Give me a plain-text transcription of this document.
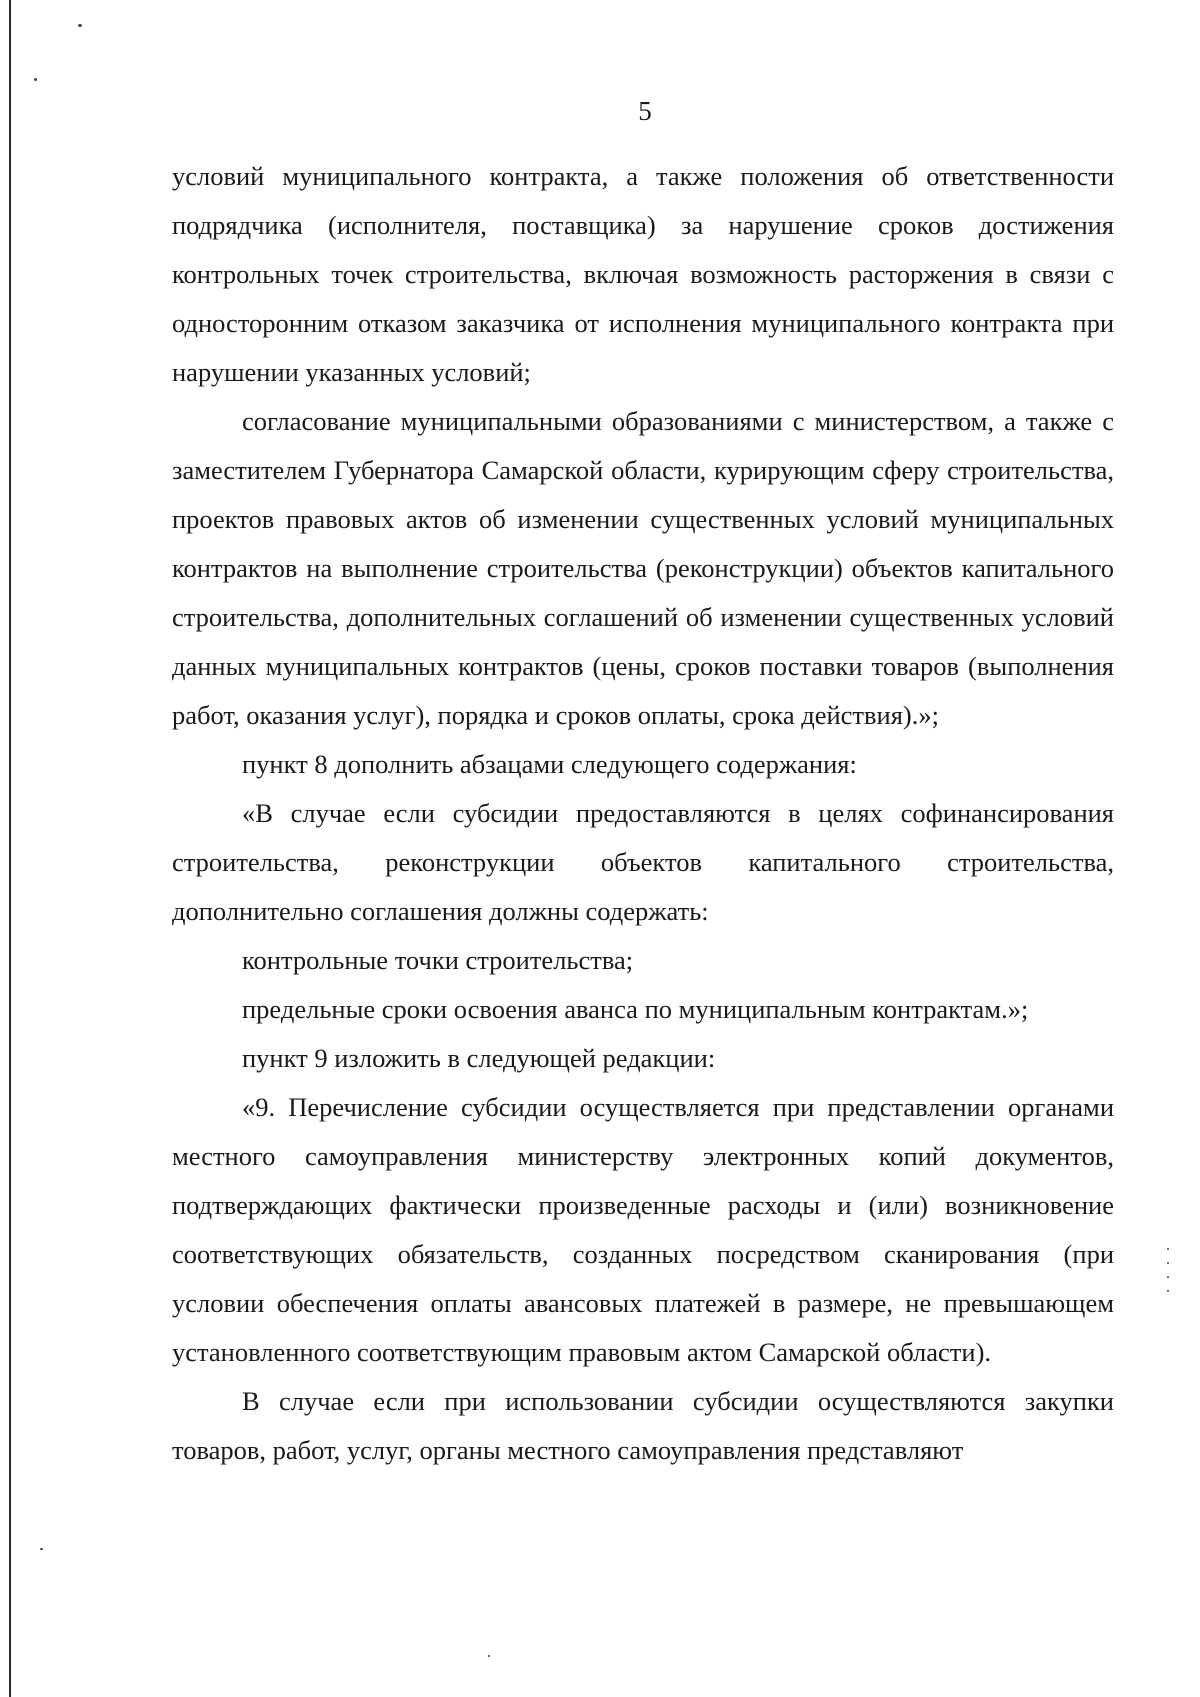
5

условий муниципального контракта, а также положения об ответственности подрядчика (исполнителя, поставщика) за нарушение сроков достижения контрольных точек строительства, включая возможность расторжения в связи с односторонним отказом заказчика от исполнения муниципального контракта при нарушении указанных условий;

согласование муниципальными образованиями с министерством, а также с заместителем Губернатора Самарской области, курирующим сферу строительства, проектов правовых актов об изменении существенных условий муниципальных контрактов на выполнение строительства (реконструкции) объектов капитального строительства, дополнительных соглашений об изменении существенных условий данных муниципальных контрактов (цены, сроков поставки товаров (выполнения работ, оказания услуг), порядка и сроков оплаты, срока действия).»;

пункт 8 дополнить абзацами следующего содержания:

«В случае если субсидии предоставляются в целях софинансирования строительства, реконструкции объектов капитального строительства, дополнительно соглашения должны содержать:

контрольные точки строительства;

предельные сроки освоения аванса по муниципальным контрактам.»;

пункт 9 изложить в следующей редакции:

«9. Перечисление субсидии осуществляется при представлении органами местного самоуправления министерству электронных копий документов, подтверждающих фактически произведенные расходы и (или) возникновение соответствующих обязательств, созданных посредством сканирования (при условии обеспечения оплаты авансовых платежей в размере, не превышающем установленного соответствующим правовым актом Самарской области).

В случае если при использовании субсидии осуществляются закупки товаров, работ, услуг, органы местного самоуправления представляют
